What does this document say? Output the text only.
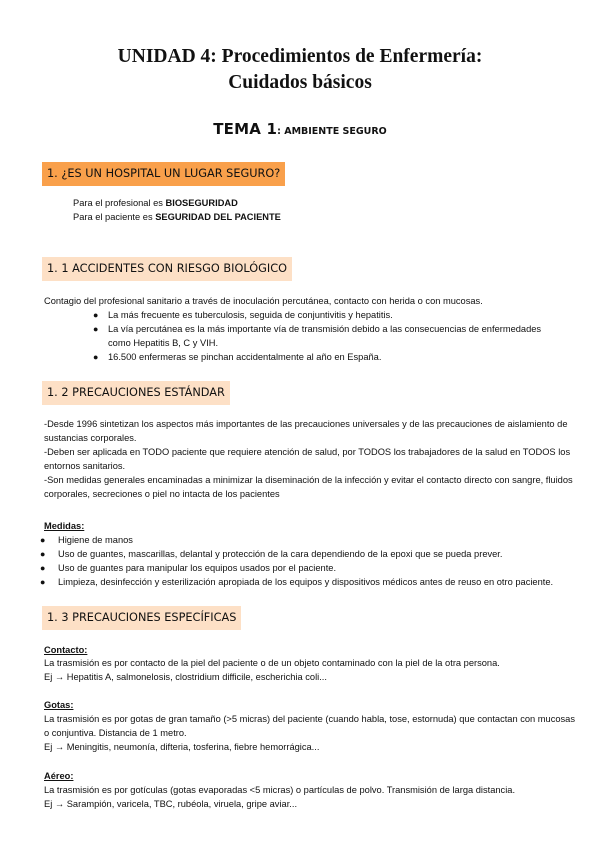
UNIDAD 4: Procedimientos de Enfermería:
Cuidados básicos
TEMA 1: AMBIENTE SEGURO
1. ¿ES UN HOSPITAL UN LUGAR SEGURO?
Para el profesional es BIOSEGURIDAD
Para el paciente es SEGURIDAD DEL PACIENTE
1. 1 ACCIDENTES CON RIESGO BIOLÓGICO
Contagio del profesional sanitario a través de inoculación percutánea, contacto con herida o con mucosas.
● La más frecuente es tuberculosis, seguida de conjuntivitis y hepatitis.
● La vía percutánea es la más importante vía de transmisión debido a las consecuencias de enfermedades
como Hepatitis B, C y VIH.
● 16.500 enfermeras se pinchan accidentalmente al año en España.
1. 2 PRECAUCIONES ESTÁNDAR
-Desde 1996 sintetizan los aspectos más importantes de las precauciones universales y de las precauciones de aislamiento de
sustancias corporales.
-Deben ser aplicada en TODO paciente que requiere atención de salud, por TODOS los trabajadores de la salud en TODOS los
entornos sanitarios.
-Son medidas generales encaminadas a minimizar la diseminación de la infección y evitar el contacto directo con sangre, fluidos
corporales, secreciones o piel no intacta de los pacientes
Medidas:
● Higiene de manos
● Uso de guantes, mascarillas, delantal y protección de la cara dependiendo de la epoxi que se pueda prever.
● Uso de guantes para manipular los equipos usados por el paciente.
● Limpieza, desinfección y esterilización apropiada de los equipos y dispositivos médicos antes de reuso en otro paciente.
1. 3 PRECAUCIONES ESPECÍFICAS
Contacto:
La trasmisión es por contacto de la piel del paciente o de un objeto contaminado con la piel de la otra persona.
Ej → Hepatitis A, salmonelosis, clostridium difficile, escherichia coli...
Gotas:
La trasmisión es por gotas de gran tamaño (>5 micras) del paciente (cuando habla, tose, estornuda) que contactan con mucosas
o conjuntiva. Distancia de 1 metro.
Ej → Meningitis, neumonía, difteria, tosferina, fiebre hemorrágica...
Aéreo:
La trasmisión es por gotículas (gotas evaporadas <5 micras) o partículas de polvo. Transmisión de larga distancia.
Ej → Sarampión, varicela, TBC, rubéola, viruela, gripe aviar...
